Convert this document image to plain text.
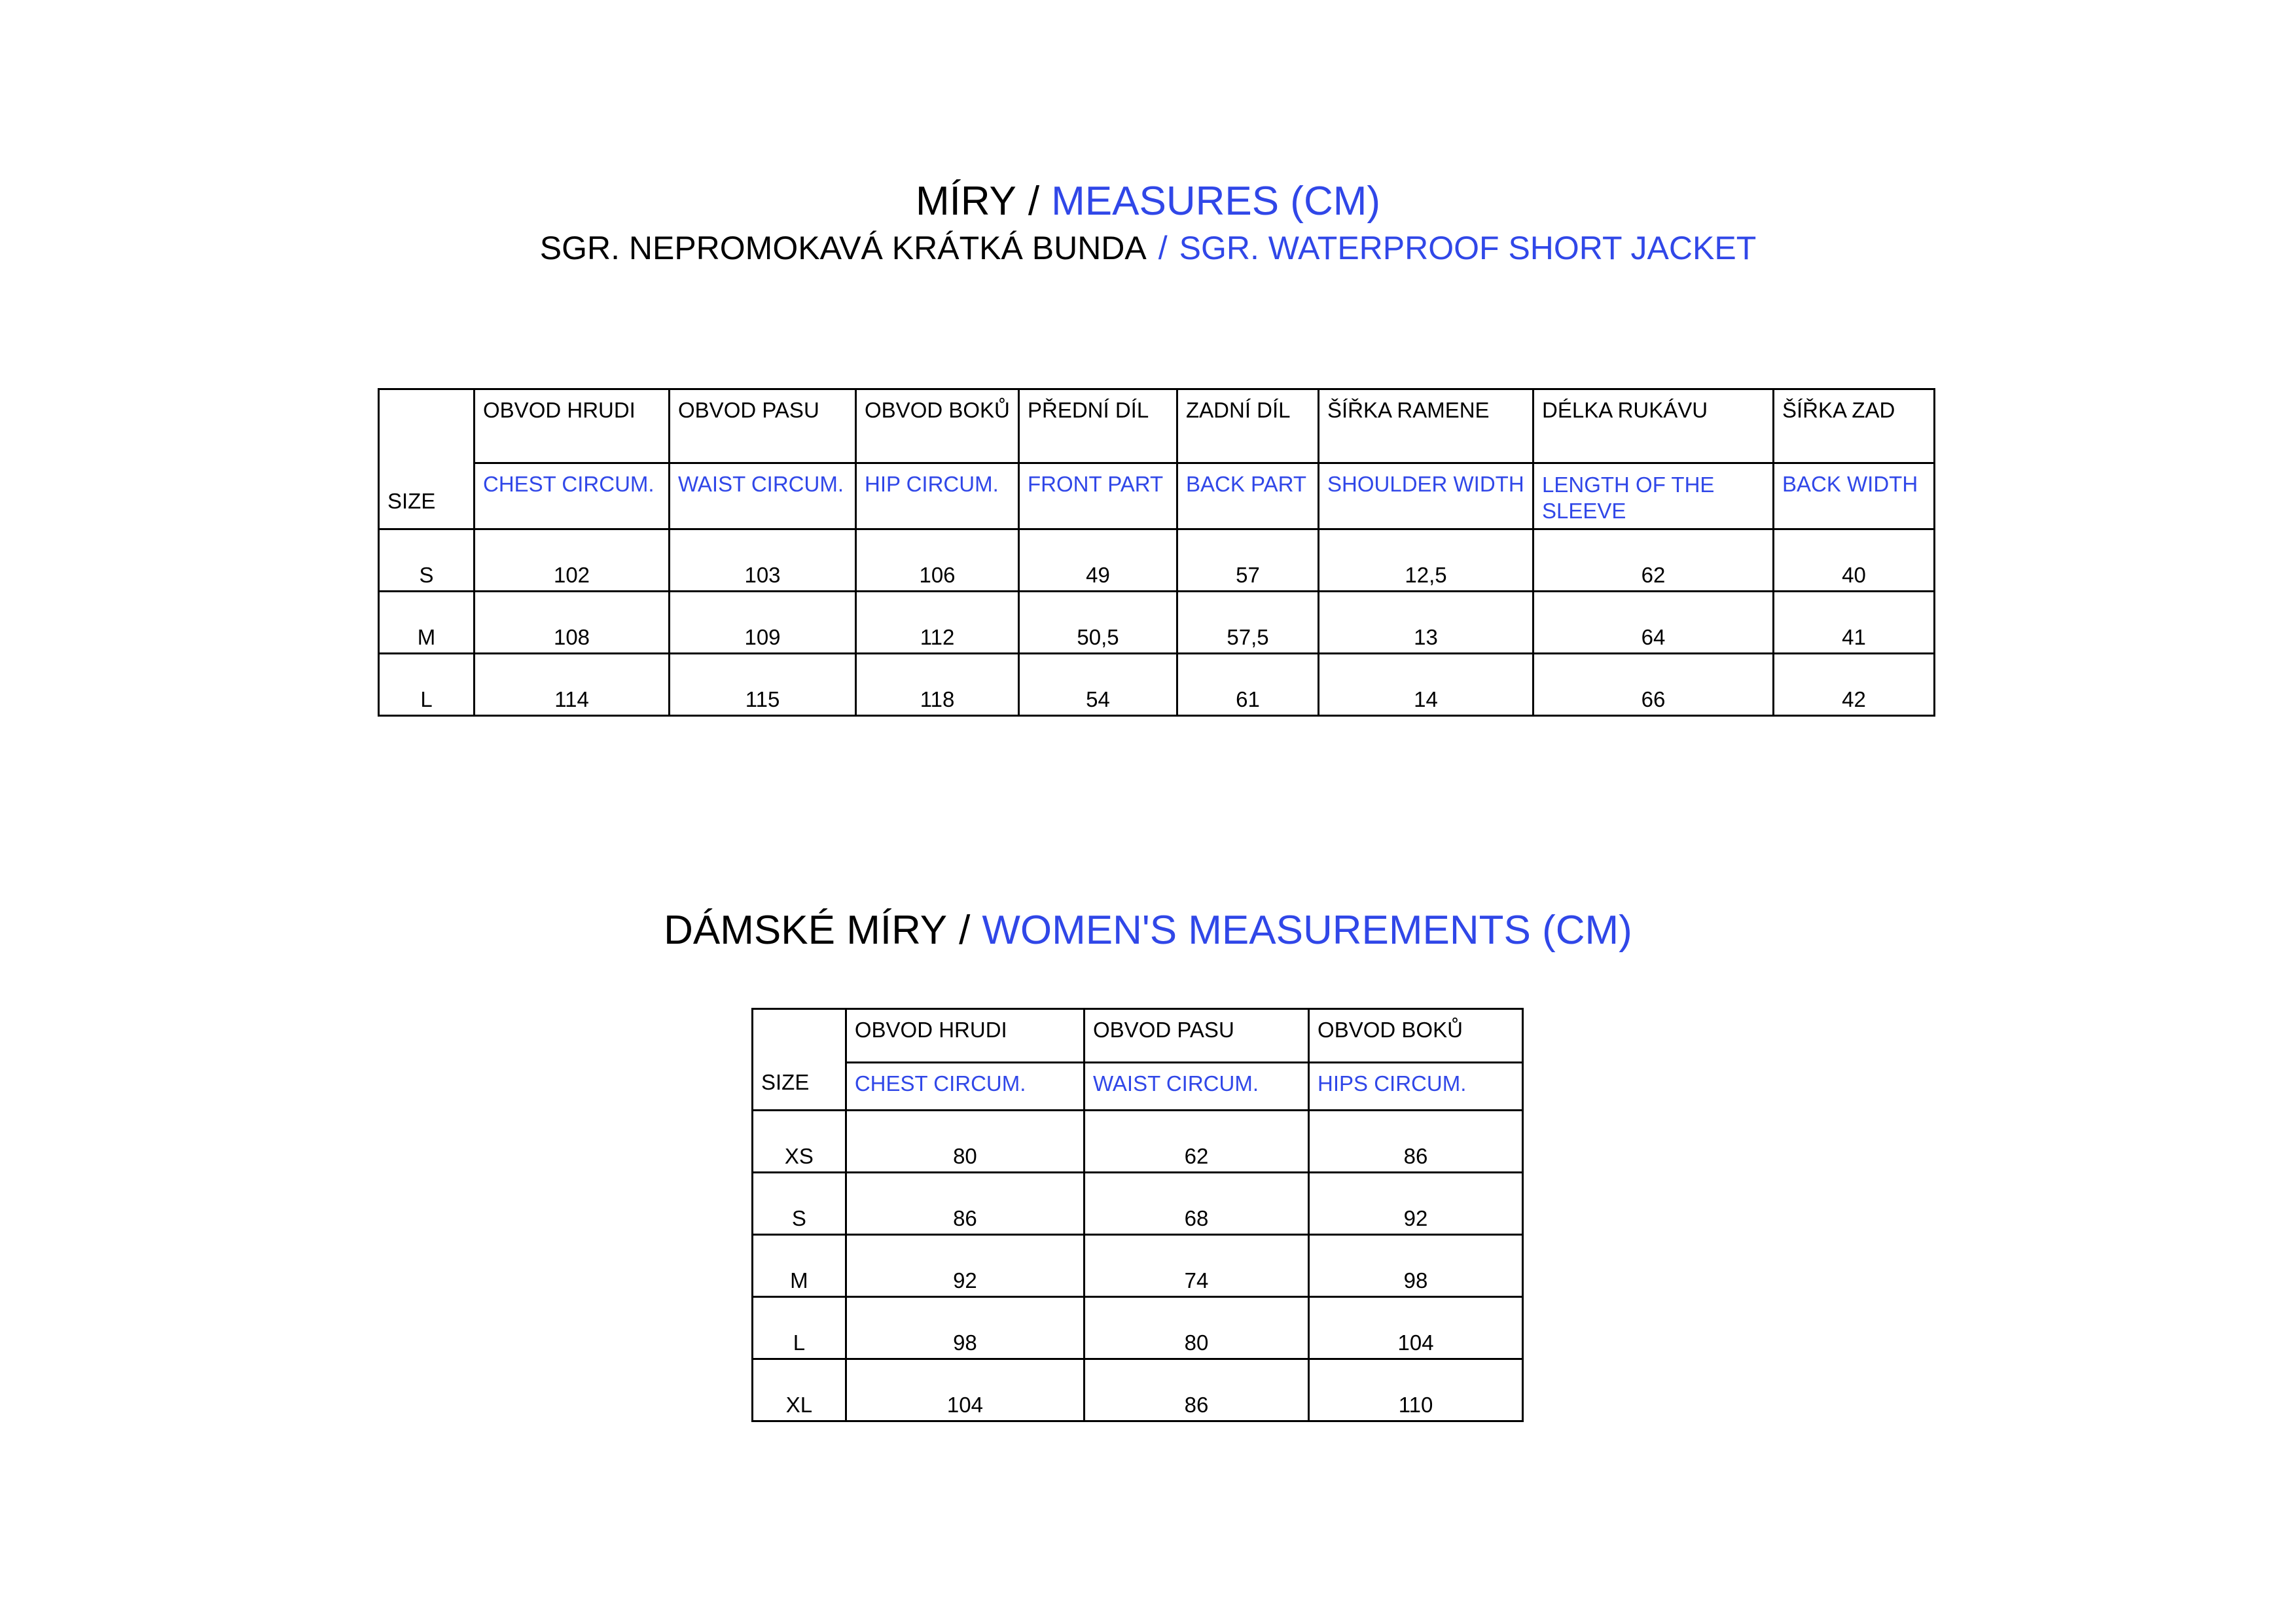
MÍRY / MEASURES (CM)
SGR. NEPROMOKAVÁ KRÁTKÁ BUNDA / SGR. WATERPROOF SHORT JACKET
SIZE	OBVOD HRUDI	OBVOD PASU	OBVOD BOKŮ	PŘEDNÍ DÍL	ZADNÍ DÍL	ŠÍŘKA RAMENE	DÉLKA RUKÁVU	ŠÍŘKA ZAD
	CHEST CIRCUM.	WAIST CIRCUM.	HIP CIRCUM.	FRONT PART	BACK PART	SHOULDER WIDTH	LENGTH OF THE SLEEVE	BACK WIDTH
S	102	103	106	49	57	12,5	62	40
M	108	109	112	50,5	57,5	13	64	41
L	114	115	118	54	61	14	66	42
DÁMSKÉ MÍRY / WOMEN'S MEASUREMENTS (CM)
SIZE	OBVOD HRUDI	OBVOD PASU	OBVOD BOKŮ
	CHEST CIRCUM.	WAIST CIRCUM.	HIPS CIRCUM.
XS	80	62	86
S	86	68	92
M	92	74	98
L	98	80	104
XL	104	86	110
